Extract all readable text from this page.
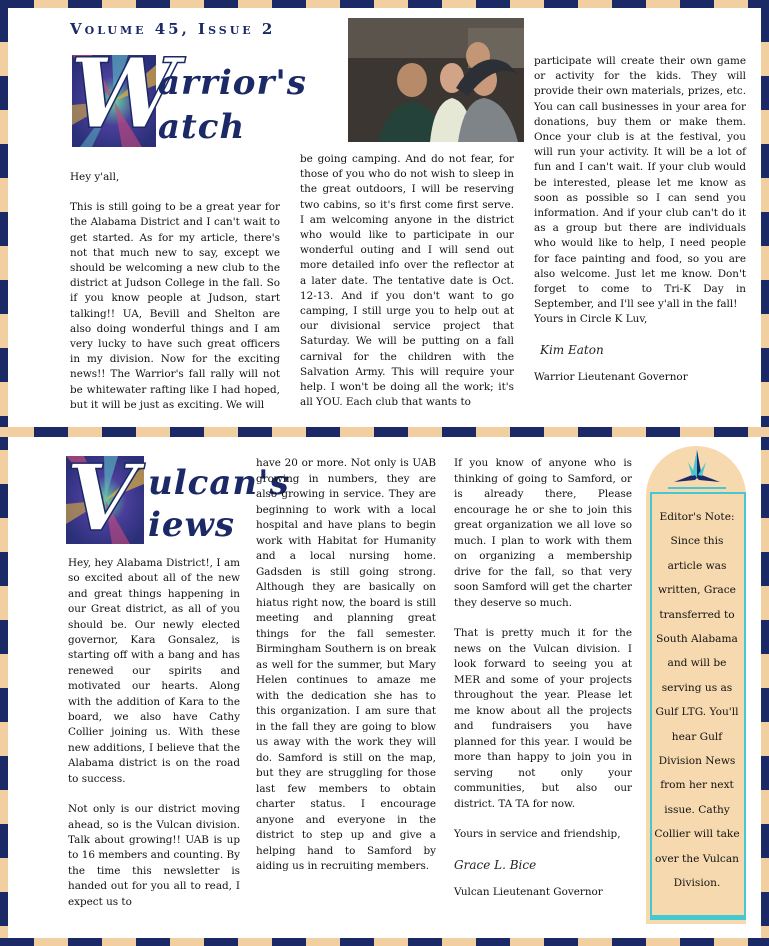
Volume 45, Issue 2
W
arrior's
atch

Hey y'all,

This is still going to be a great year for the Alabama District and I can't wait to get started. As for my article, there's not that much new to say, except we should be welcoming a new club to the district at Judson College in the fall. So if you know people at Judson, start talking!! UA, Bevill and Shelton are also doing wonderful things and I am very lucky to have such great officers in my division. Now for the exciting news!! The Warrior's fall rally will not be whitewater rafting like I had hoped, but it will be just as exciting. We will

be going camping. And do not fear, for those of you who do not wish to sleep in the great outdoors, I will be reserving two cabins, so it's first come first serve. I am welcoming anyone in the district who would like to participate in our wonderful outing and I will send out more detailed info over the reflector at a later date. The tentative date is Oct. 12-13. And if you don't want to go camping, I still urge you to help out at our divisional service project that Saturday. We will be putting on a fall carnival for the children with the Salvation Army. This will require your help. I won't be doing all the work; it's all YOU. Each club that wants to

participate will create their own game or activity for the kids. They will provide their own materials, prizes, etc. You can call businesses in your area for donations, buy them or make them. Once your club is at the festival, you will run your activity. It will be a lot of fun and I can't wait. If your club would be interested, please let me know as soon as possible so I can send you information. And if your club can't do it as a group but there are individuals who would like to help, I need people for face painting and food, so you are also welcome. Just let me know. Don't forget to come to Tri-K Day in September, and I'll see y'all in the fall!

Yours in Circle K Luv,

Kim Eaton

Warrior Lieutenant Governor

V ulcan's
iews

Hey, hey Alabama District!, I am so excited about all of the new and great things happening in our Great district, as all of you should be. Our newly elected governor, Kara Gonsalez, is starting off with a bang and has renewed our spirits and motivated our hearts. Along with the addition of Kara to the board, we also have Cathy Collier joining us. With these new additions, I believe that the Alabama district is on the road to success.

Not only is our district moving ahead, so is the Vulcan division. Talk about growing!! UAB is up to 16 members and counting. By the time this newsletter is handed out for you all to read, I expect us to

have 20 or more. Not only is UAB growing in numbers, they are also growing in service. They are beginning to work with a local hospital and have plans to begin work with Habitat for Humanity and a local nursing home. Gadsden is still going strong. Although they are basically on hiatus right now, the board is still meeting and planning great things for the fall semester. Birmingham Southern is on break as well for the summer, but Mary Helen continues to amaze me with the dedication she has to this organization. I am sure that in the fall they are going to blow us away with the work they will do. Samford is still on the map, but they are struggling for those last few members to obtain charter status. I encourage anyone and everyone in the district to step up and give a helping hand to Samford by aiding us in recruiting members.

If you know of anyone who is thinking of going to Samford, or is already there, Please encourage he or she to join this great organization we all love so much. I plan to work with them on organizing a membership drive for the fall, so that very soon Samford will get the charter they deserve so much.

That is pretty much it for the news on the Vulcan division. I look forward to seeing you at MER and some of your projects throughout the year. Please let me know about all the projects and fundraisers you have planned for this year. I would be more than happy to join you in serving not only your communities, but also our district. TA TA for now.

Yours in service and friendship,

Grace L. Bice

Vulcan Lieutenant Governor

Editor's Note: Since this article was written, Grace transferred to South Alabama and will be serving us as Gulf LTG. You'll hear Gulf Division News from her next issue. Cathy Collier will take over the Vulcan Division.
